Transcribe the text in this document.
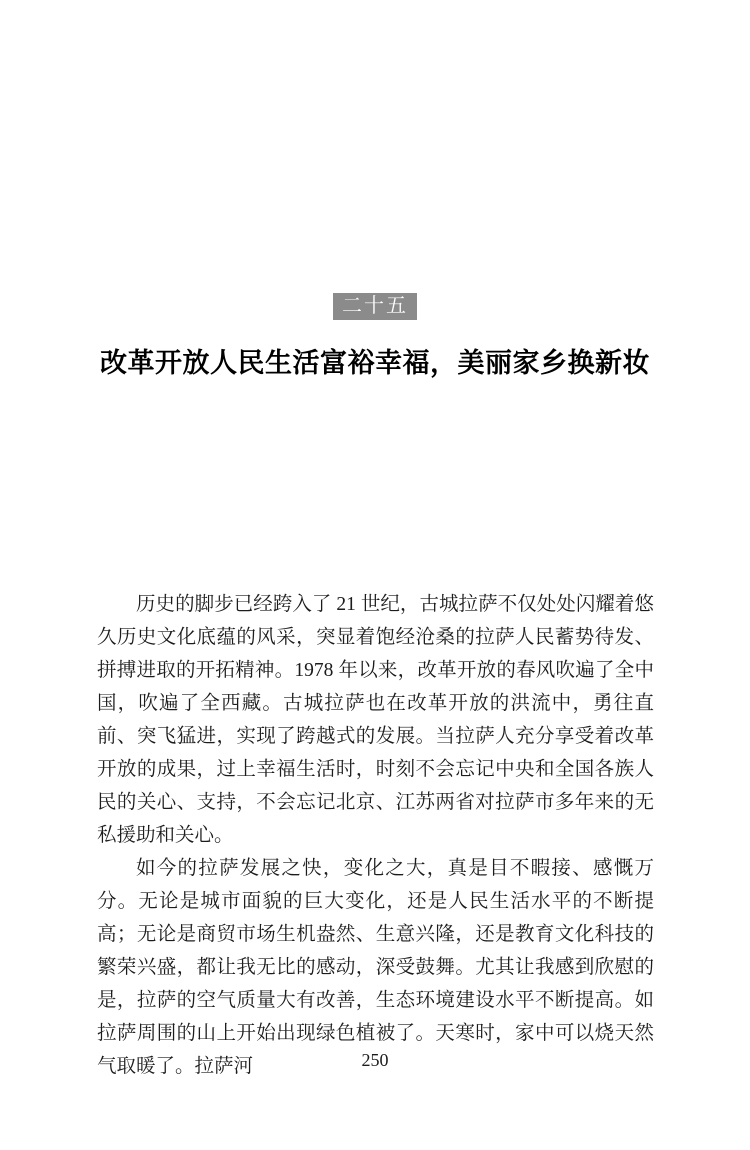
二十五
改革开放人民生活富裕幸福，美丽家乡换新妆

历史的脚步已经跨入了 21 世纪，古城拉萨不仅处处闪耀着悠久历史文化底蕴的风采，突显着饱经沧桑的拉萨人民蓄势待发、拼搏进取的开拓精神。1978 年以来，改革开放的春风吹遍了全中国，吹遍了全西藏。古城拉萨也在改革开放的洪流中，勇往直前、突飞猛进，实现了跨越式的发展。当拉萨人充分享受着改革开放的成果，过上幸福生活时，时刻不会忘记中央和全国各族人民的关心、支持，不会忘记北京、江苏两省对拉萨市多年来的无私援助和关心。

如今的拉萨发展之快，变化之大，真是目不暇接、感慨万分。无论是城市面貌的巨大变化，还是人民生活水平的不断提高；无论是商贸市场生机盎然、生意兴隆，还是教育文化科技的繁荣兴盛，都让我无比的感动，深受鼓舞。尤其让我感到欣慰的是，拉萨的空气质量大有改善，生态环境建设水平不断提高。如拉萨周围的山上开始出现绿色植被了。天寒时，家中可以烧天然气取暖了。拉萨河	250
